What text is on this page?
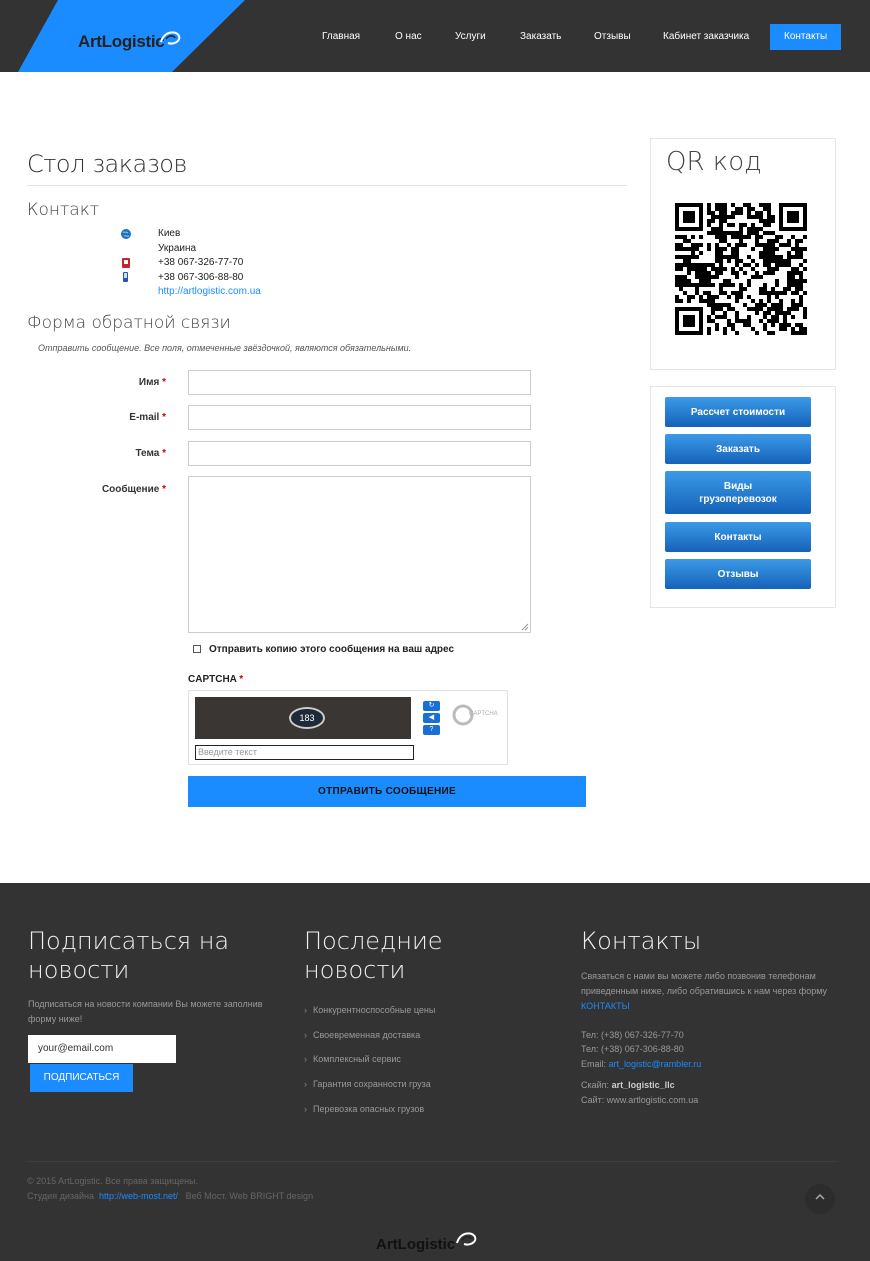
ArtLogistic	Главная	О нас	Услуги	Заказать	Отзывы	Кабинет заказчика	Контакты
Стол заказов
Контакт
Киев
Украина
+38 067-326-77-70
+38 067-306-88-80
http://artlogistic.com.ua
Форма обратной связи
Отправить сообщение. Все поля, отмеченные звёздочкой, являются обязательными.
Имя *
E-mail *
Тема *
Сообщение *
Отправить копию этого сообщения на ваш адрес
CAPTCHA *
183
Введите текст
↻
◀
?
CAPTCHA
ОТПРАВИТЬ СООБЩЕНИЕ
QR код
Рассчет стоимости
Заказать
Виды грузоперевозок
Контакты
Отзывы
Подписаться на
новости
Подписаться на новости компании Вы можете заполнив форму ниже!
your@email.com
ПОДПИСАТЬСЯ
Последние
новости
› Конкурентноспособные цены
› Своевременная доставка
› Комплексный сервис
› Гарантия сохранности груза
› Перевозка опасных грузов
Контакты
Связаться с нами вы можете либо позвонив телефонам приведенным ниже, либо обратившись к нам через форму КОНТАКТЫ
Тел: (+38) 067-326-77-70
Тел: (+38) 067-306-88-80
Email: art_logistic@rambler.ru
Скайп: art_logistic_llc
Сайт: www.artlogistic.com.ua
© 2015 ArtLogistic. Все права защищены.
Студия дизайна http://web-most.net/ Веб Мост. Web BRIGHT design
ArtLogistic
